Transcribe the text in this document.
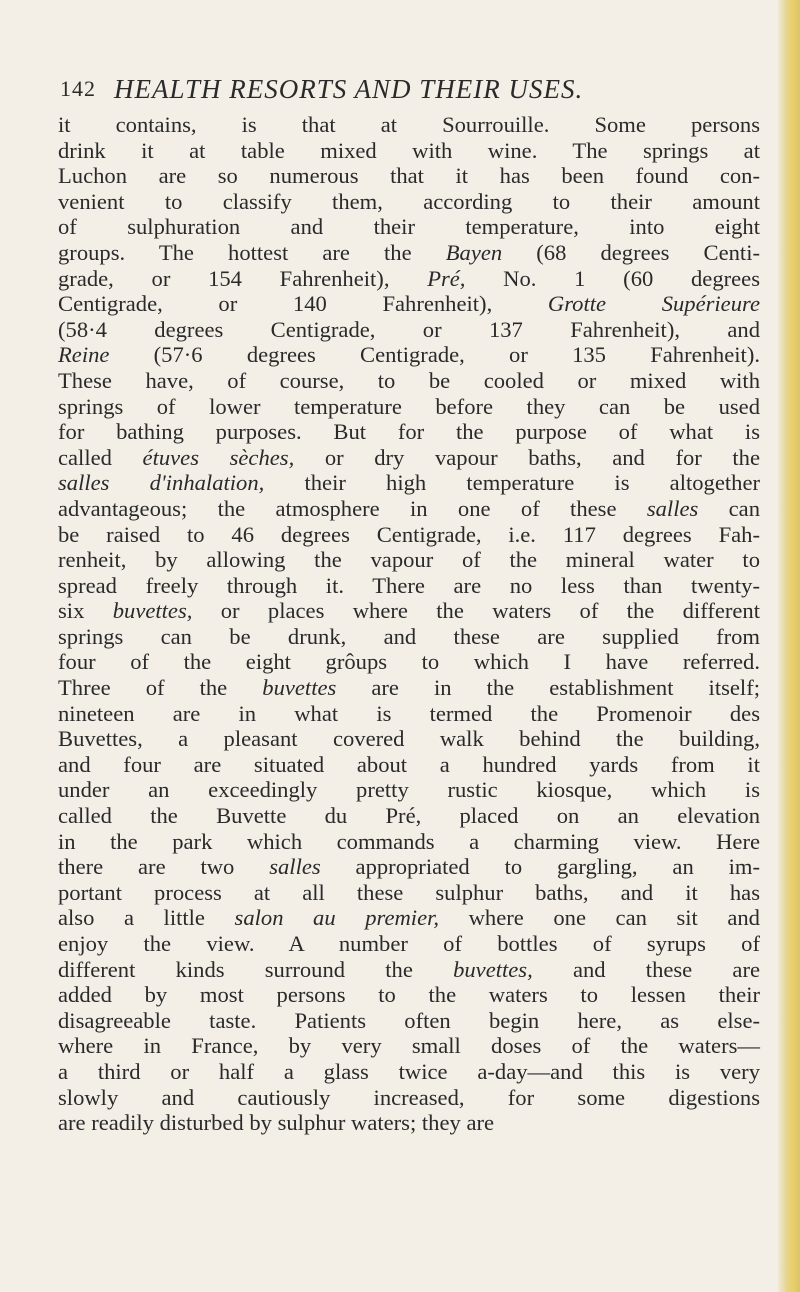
142 HEALTH RESORTS AND THEIR USES.
it contains, is that at Sourrouille. Some persons
drink it at table mixed with wine. The springs at
Luchon are so numerous that it has been found con-
venient to classify them, according to their amount
of sulphuration and their temperature, into eight
groups. The hottest are the Bayen (68 degrees Centi-
grade, or 154 Fahrenheit), Pré, No. 1 (60 degrees
Centigrade, or 140 Fahrenheit), Grotte Supérieure
(58·4 degrees Centigrade, or 137 Fahrenheit), and
Reine (57·6 degrees Centigrade, or 135 Fahrenheit).
These have, of course, to be cooled or mixed with
springs of lower temperature before they can be used
for bathing purposes. But for the purpose of what is
called étuves sèches, or dry vapour baths, and for the
salles d'inhalation, their high temperature is altogether
advantageous; the atmosphere in one of these salles can
be raised to 46 degrees Centigrade, i.e. 117 degrees Fah-
renheit, by allowing the vapour of the mineral water to
spread freely through it. There are no less than twenty-
six buvettes, or places where the waters of the different
springs can be drunk, and these are supplied from
four of the eight grôups to which I have referred.
Three of the buvettes are in the establishment itself;
nineteen are in what is termed the Promenoir des
Buvettes, a pleasant covered walk behind the building,
and four are situated about a hundred yards from it
under an exceedingly pretty rustic kiosque, which is
called the Buvette du Pré, placed on an elevation
in the park which commands a charming view. Here
there are two salles appropriated to gargling, an im-
portant process at all these sulphur baths, and it has
also a little salon au premier, where one can sit and
enjoy the view. A number of bottles of syrups of
different kinds surround the buvettes, and these are
added by most persons to the waters to lessen their
disagreeable taste. Patients often begin here, as else-
where in France, by very small doses of the waters—
a third or half a glass twice a-day—and this is very
slowly and cautiously increased, for some digestions
are readily disturbed by sulphur waters; they are
